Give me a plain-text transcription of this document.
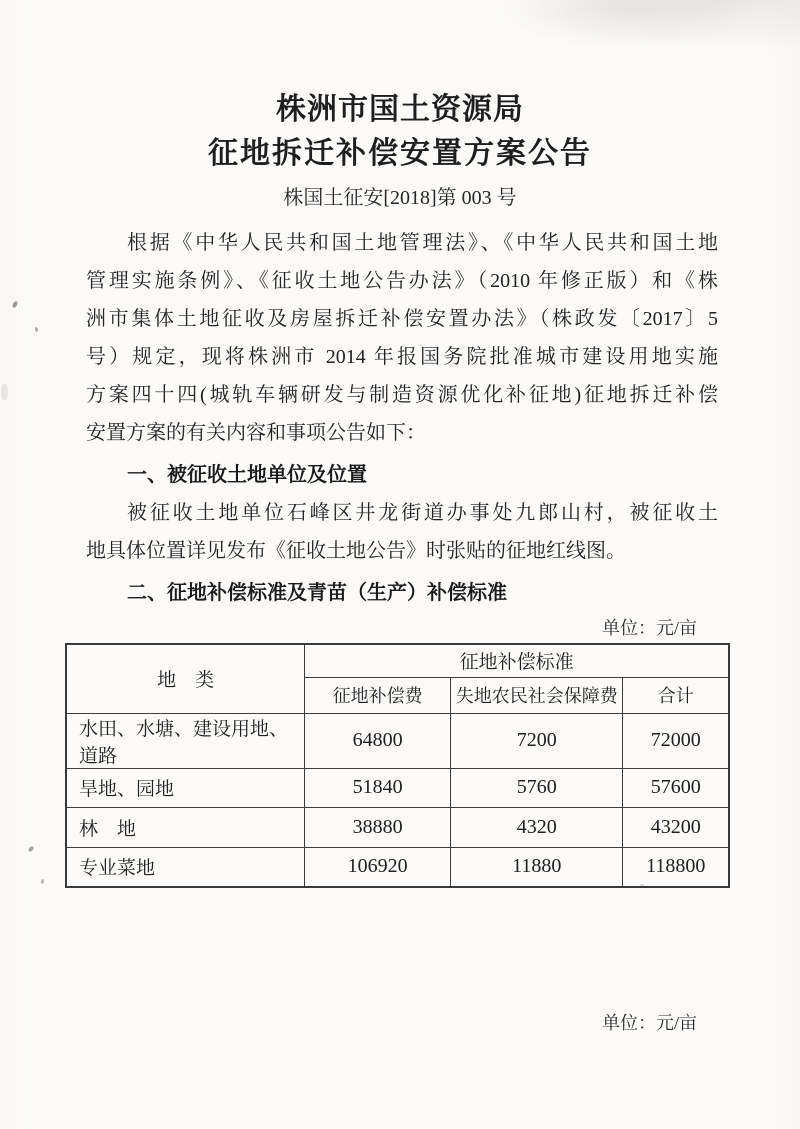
株洲市国土资源局
征地拆迁补偿安置方案公告
株国土征安[2018]第 003 号
根据《中华人民共和国土地管理法》、《中华人民共和国土地
管理实施条例》、《征收土地公告办法》（2010 年修正版）和《株
洲市集体土地征收及房屋拆迁补偿安置办法》（株政发〔2017〕5
号）规定，现将株洲市 2014 年报国务院批准城市建设用地实施
方案四十四(城轨车辆研发与制造资源优化补征地)征地拆迁补偿
安置方案的有关内容和事项公告如下：
一、被征收土地单位及位置
被征收土地单位石峰区井龙街道办事处九郎山村，被征收土
地具体位置详见发布《征收土地公告》时张贴的征地红线图。
二、征地补偿标准及青苗（生产）补偿标准
单位：元/亩
地　类	征地补偿标准		
	征地补偿费	失地农民社会保障费	合计
水田、水塘、建设用地、道路	64800	7200	72000
旱地、园地	51840	5760	57600
林　地	38880	4320	43200
专业菜地	106920	11880	118800
单位：元/亩
